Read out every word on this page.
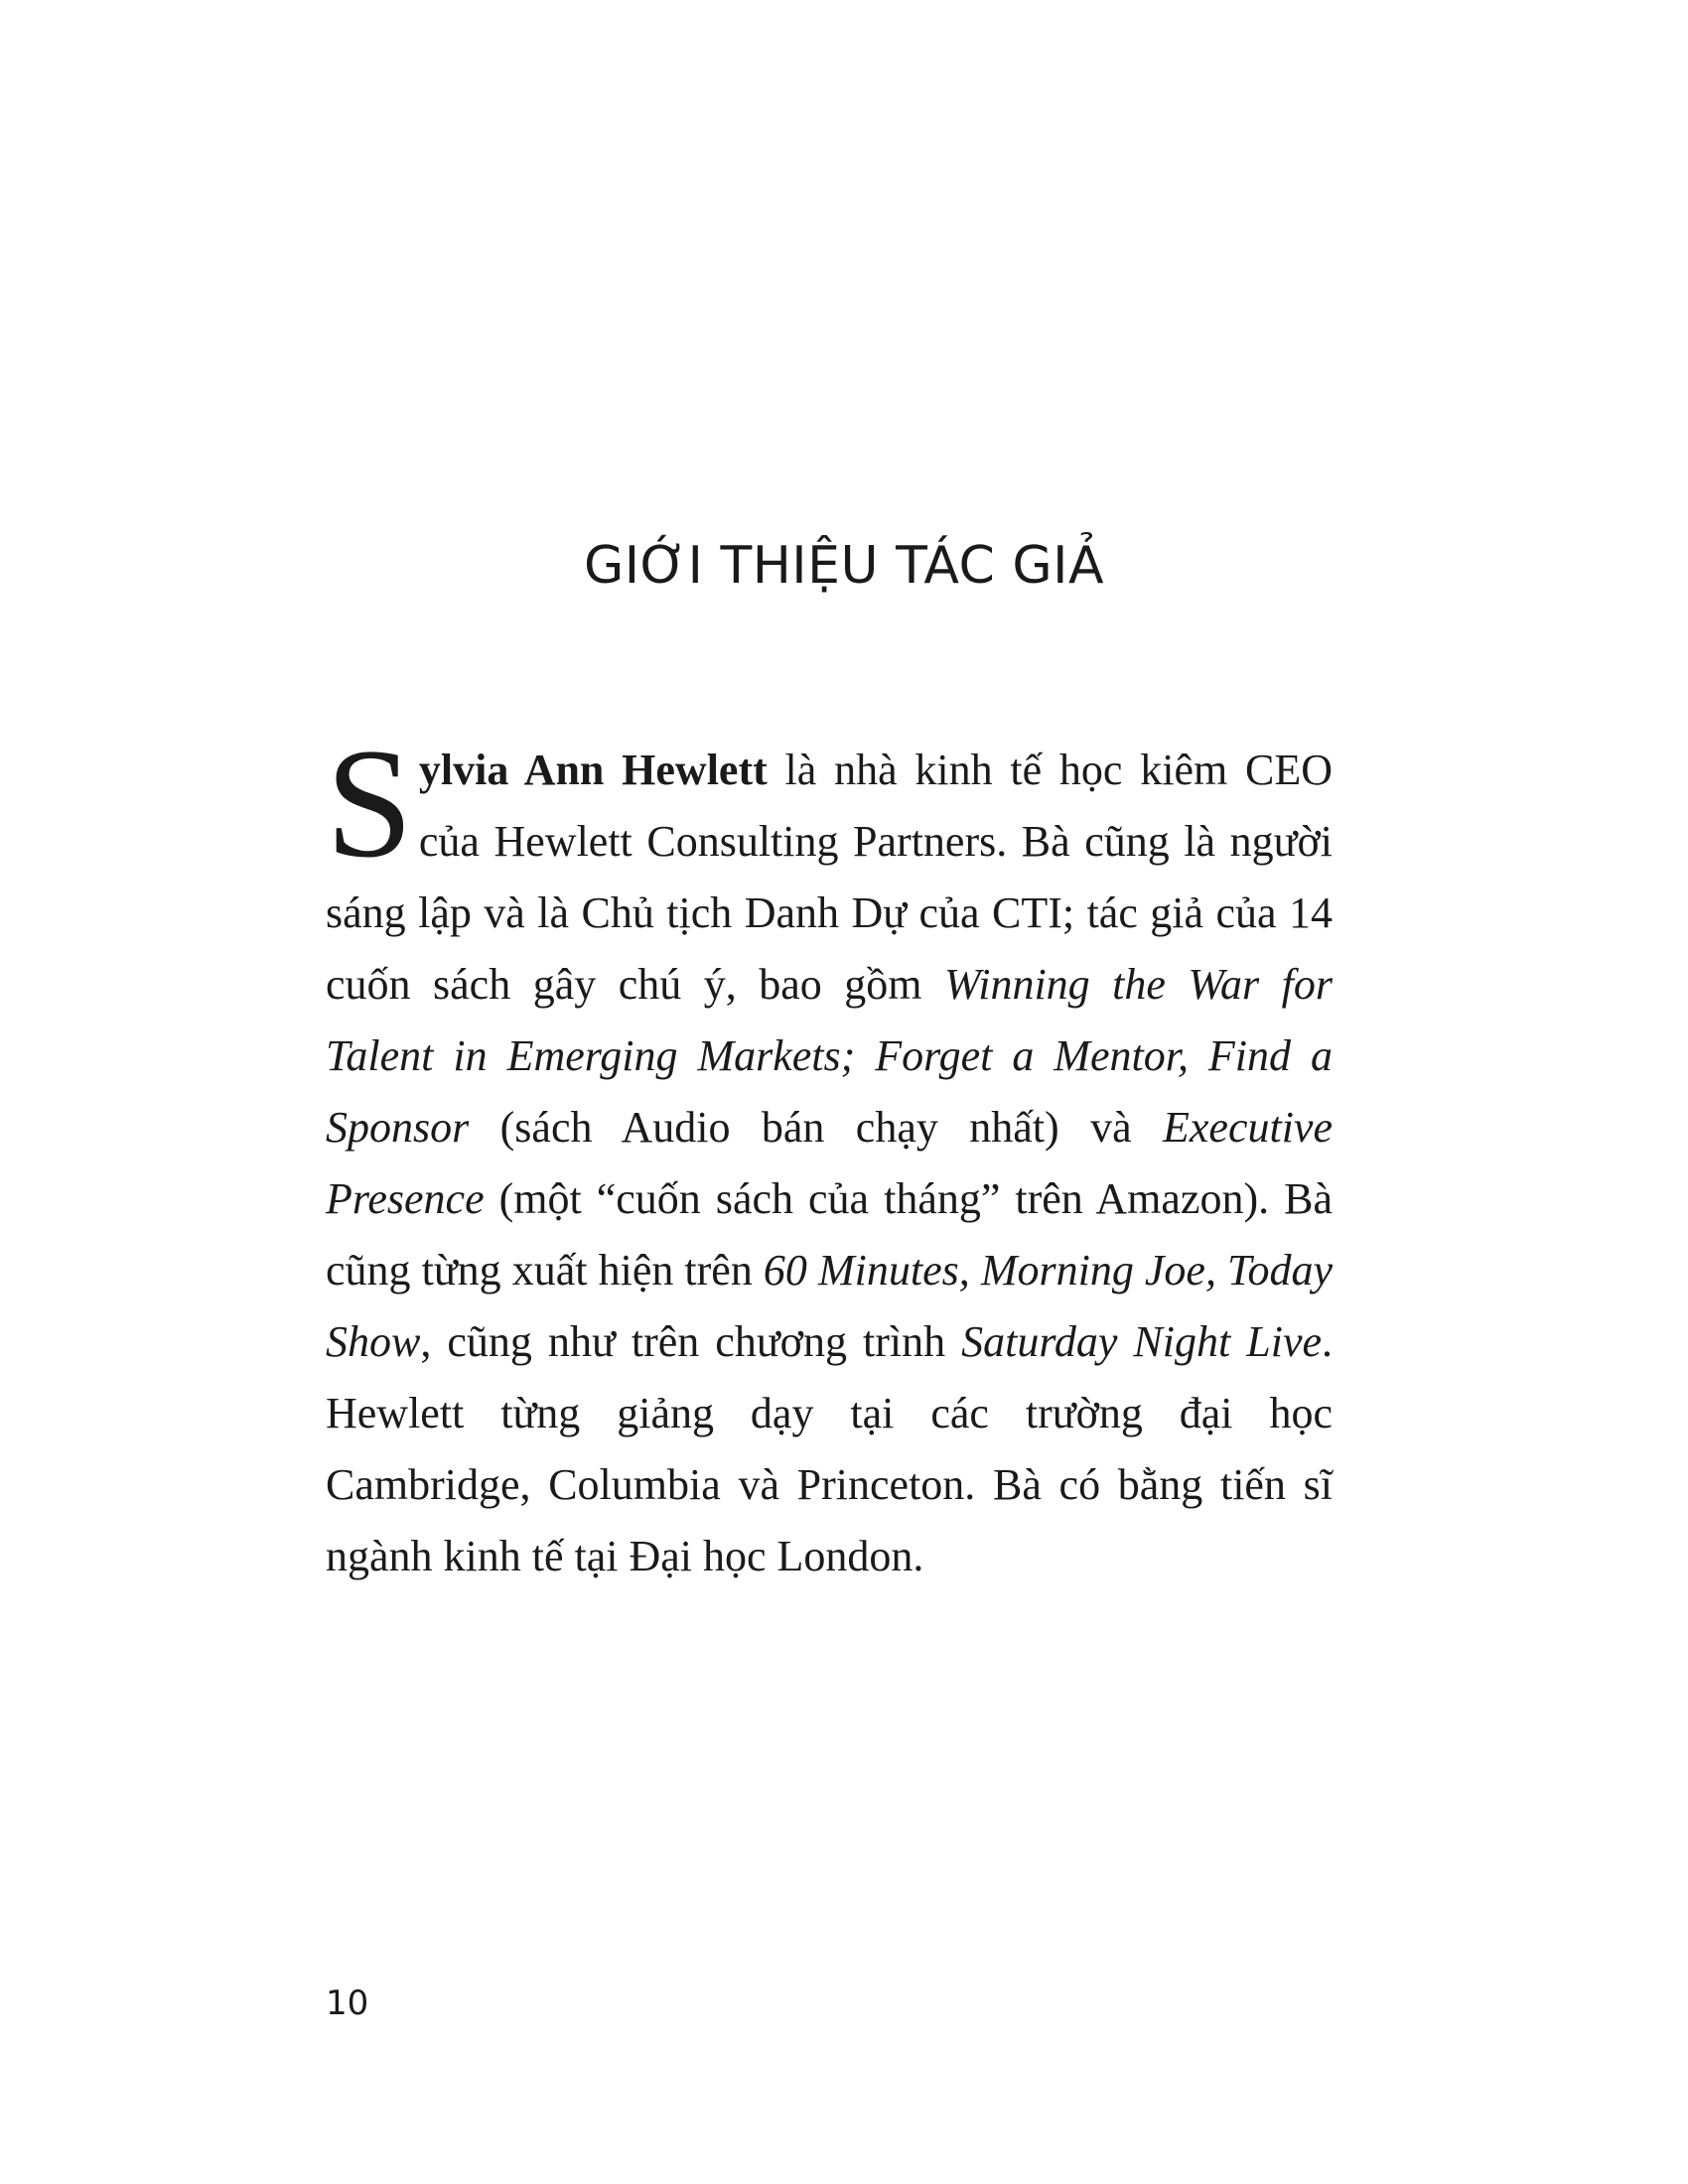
GIỚI THIỆU TÁC GIẢ

Sylvia Ann Hewlett là nhà kinh tế học kiêm CEO của Hewlett Consulting Partners. Bà cũng là người sáng lập và là Chủ tịch Danh Dự của CTI; tác giả của 14 cuốn sách gây chú ý, bao gồm Winning the War for Talent in Emerging Markets; Forget a Mentor, Find a Sponsor (sách Audio bán chạy nhất) và Executive Presence (một “cuốn sách của tháng” trên Amazon). Bà cũng từng xuất hiện trên 60 Minutes, Morning Joe, Today Show, cũng như trên chương trình Saturday Night Live. Hewlett từng giảng dạy tại các trường đại học Cambridge, Columbia và Princeton. Bà có bằng tiến sĩ ngành kinh tế tại Đại học London.

10
